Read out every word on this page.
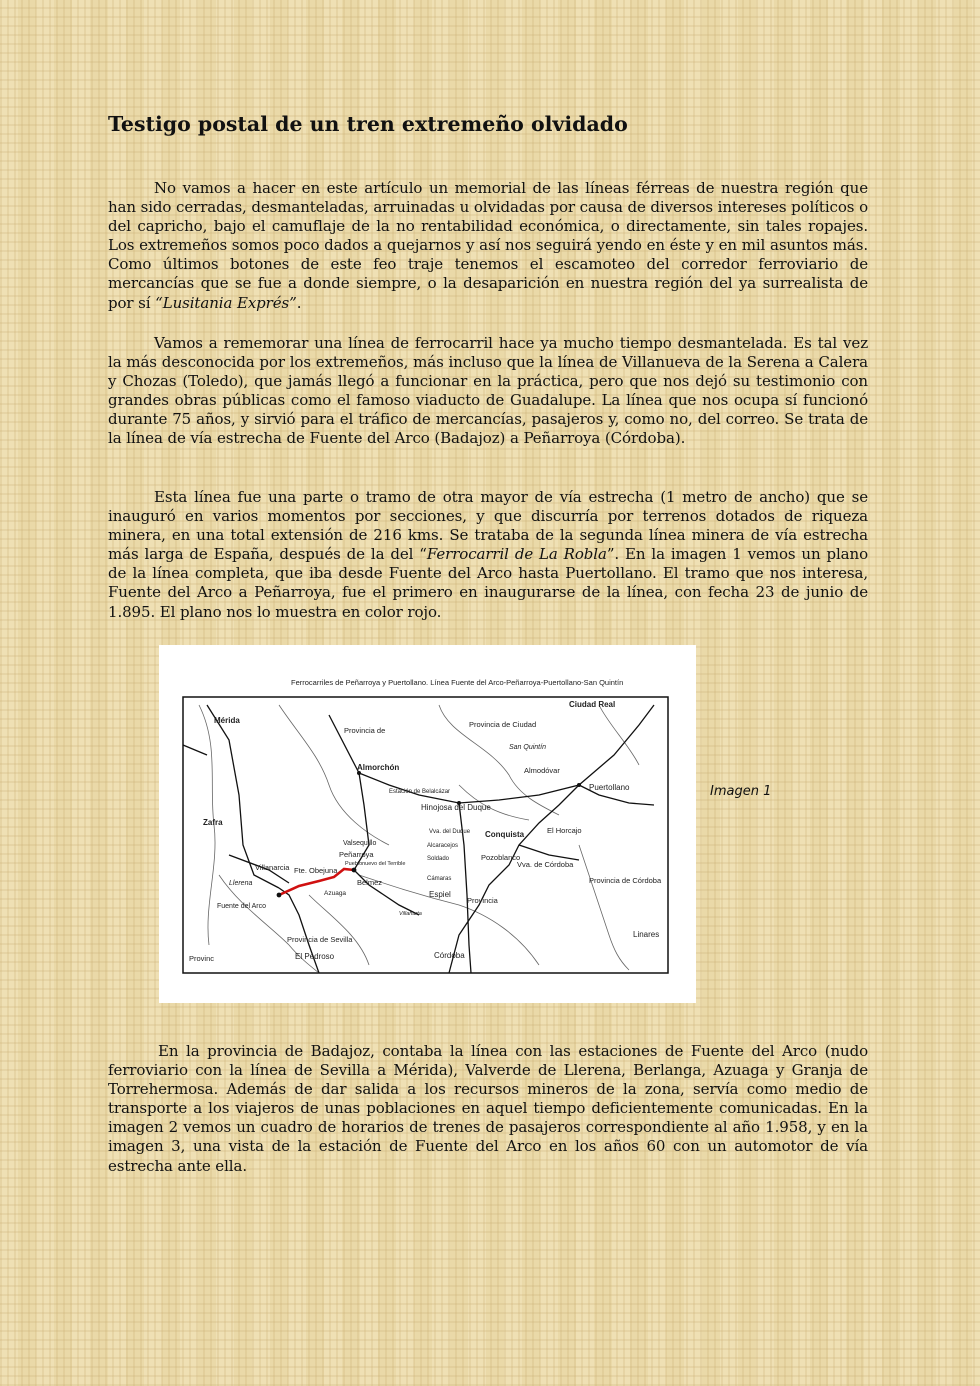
Testigo postal de un tren extremeño olvidado

No vamos a hacer en este artículo un memorial de las líneas férreas de nuestra región que han sido cerradas, desmanteladas, arruinadas u olvidadas por causa de diversos intereses políticos o del capricho, bajo el camuflaje de la no rentabilidad económica, o directamente, sin tales ropajes. Los extremeños somos poco dados a quejarnos y así nos seguirá yendo en éste y en mil asuntos más. Como últimos botones de este feo traje tenemos el escamoteo del corredor ferroviario de mercancías que se fue a donde siempre, o la desaparición en nuestra región del ya surrealista de por sí “Lusitania Exprés”.

Vamos a rememorar una línea de ferrocarril hace ya mucho tiempo desmantelada. Es tal vez la más desconocida por los extremeños, más incluso que la línea de Villanueva de la Serena a Calera y Chozas (Toledo), que jamás llegó a funcionar en la práctica, pero que nos dejó su testimonio con grandes obras públicas como el famoso viaducto de Guadalupe. La línea que nos ocupa sí funcionó durante 75 años, y sirvió para el tráfico de mercancías, pasajeros y, como no, del correo. Se trata de la línea de vía estrecha de Fuente del Arco (Badajoz) a Peñarroya (Córdoba).

Esta línea fue una parte o tramo de otra mayor de vía estrecha (1 metro de ancho) que se inauguró en varios momentos por secciones, y que discurría por terrenos dotados de riqueza minera, en una total extensión de 216 kms. Se trataba de la segunda línea minera de vía estrecha más larga de España, después de la del “Ferrocarril de La Robla”. En la imagen 1 vemos un plano de la línea completa, que iba desde Fuente del Arco hasta Puertollano. El tramo que nos interesa, Fuente del Arco a Peñarroya, fue el primero en inaugurarse de la línea, con fecha 23 de junio de 1.895. El plano nos lo muestra en color rojo.

Ferrocarriles de Peñarroya y Puertollano. Línea Fuente del Arco-Peñarroya-Puertollano-San Quintín
Mérida
Ciudad Real
Provincia de Ciudad
Provincia de
San Quintín
Almorchón	Almodóvar
Puertollano
Estación de Belalcázar
Hinojosa del Duque
Zafra
El Horcajo
Conquista
Vva. del Duque
Alcaracejos
Valsequillo
Peñarroya
Pueblonuevo del Terrible
Soldado	Pozoblanco
Vva. de Córdoba
Fte. Obejuna
Villanarcia
Llerena	Belmez	Cámaras
Azuaga
Fuente del Arco
Espiel
Provincia de Córdoba
Provincia
Provincia de Sevilla
El Pedroso
Linares
Córdoba
Provinc
Villaharta
Imagen 1

En la provincia de Badajoz, contaba la línea con las estaciones de Fuente del Arco (nudo ferroviario con la línea de Sevilla a Mérida), Valverde de Llerena, Berlanga, Azuaga y Granja de Torrehermosa. Además de dar salida a los recursos mineros de la zona, servía como medio de transporte a los viajeros de unas poblaciones en aquel tiempo deficientemente comunicadas. En la imagen 2 vemos un cuadro de horarios de trenes de pasajeros correspondiente al año 1.958, y en la imagen 3, una vista de la estación de Fuente del Arco en los años 60 con un automotor de vía estrecha ante ella.
